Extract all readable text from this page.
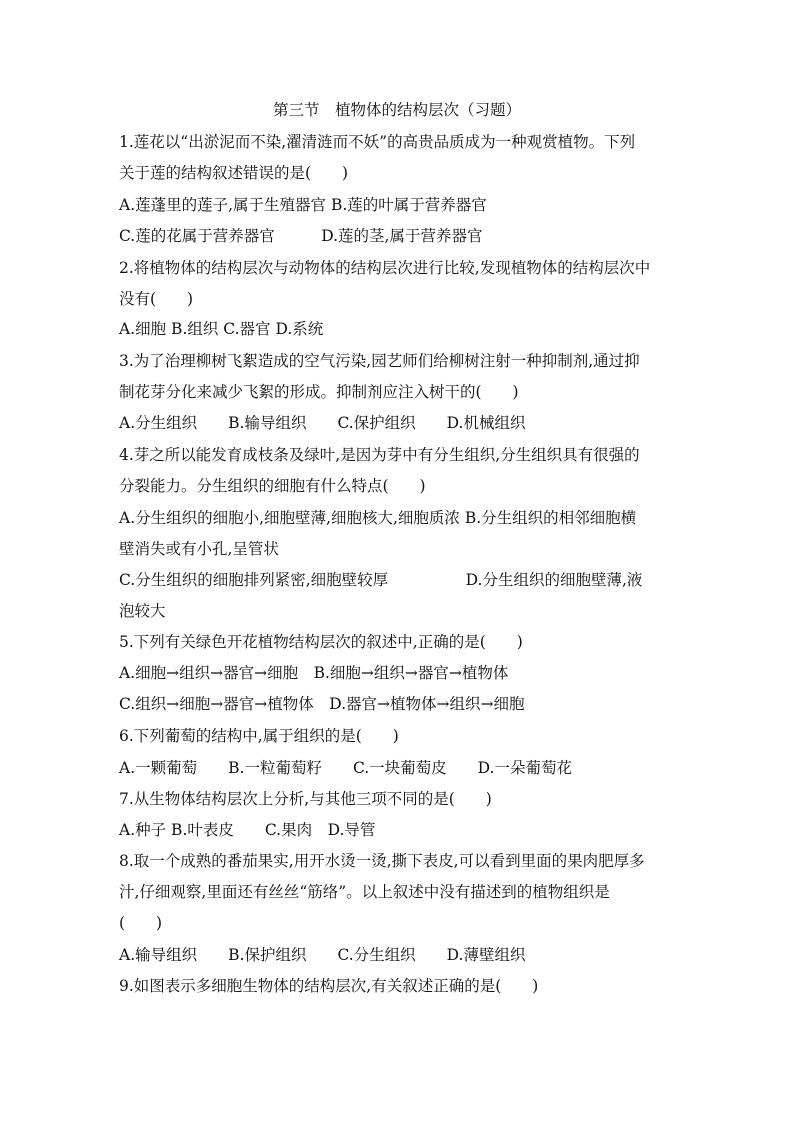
第三节　植物体的结构层次（习题）
1.莲花以“出淤泥而不染,濯清涟而不妖”的高贵品质成为一种观赏植物。下列
关于莲的结构叙述错误的是(　　)
A.莲蓬里的莲子,属于生殖器官 B.莲的叶属于营养器官
C.莲的花属于营养器官　　　D.莲的茎,属于营养器官
2.将植物体的结构层次与动物体的结构层次进行比较,发现植物体的结构层次中
没有(　　)
A.细胞 B.组织 C.器官 D.系统
3.为了治理柳树飞絮造成的空气污染,园艺师们给柳树注射一种抑制剂,通过抑
制花芽分化来减少飞絮的形成。抑制剂应注入树干的(　　)
A.分生组织　　B.输导组织　　C.保护组织　　D.机械组织
4.芽之所以能发育成枝条及绿叶,是因为芽中有分生组织,分生组织具有很强的
分裂能力。分生组织的细胞有什么特点(　　)
A.分生组织的细胞小,细胞壁薄,细胞核大,细胞质浓 B.分生组织的相邻细胞横
壁消失或有小孔,呈管状
C.分生组织的细胞排列紧密,细胞壁较厚　　　　　D.分生组织的细胞壁薄,液
泡较大
5.下列有关绿色开花植物结构层次的叙述中,正确的是(　　)
A.细胞→组织→器官→细胞　B.细胞→组织→器官→植物体
C.组织→细胞→器官→植物体　D.器官→植物体→组织→细胞
6.下列葡萄的结构中,属于组织的是(　　)
A.一颗葡萄　　B.一粒葡萄籽　　C.一块葡萄皮　　D.一朵葡萄花
7.从生物体结构层次上分析,与其他三项不同的是(　　)
A.种子 B.叶表皮　　C.果肉　D.导管
8.取一个成熟的番茄果实,用开水烫一烫,撕下表皮,可以看到里面的果肉肥厚多
汁,仔细观察,里面还有丝丝“筋络”。以上叙述中没有描述到的植物组织是
(　　)
A.输导组织　　B.保护组织　　C.分生组织　　D.薄壁组织
9.如图表示多细胞生物体的结构层次,有关叙述正确的是(　　)
